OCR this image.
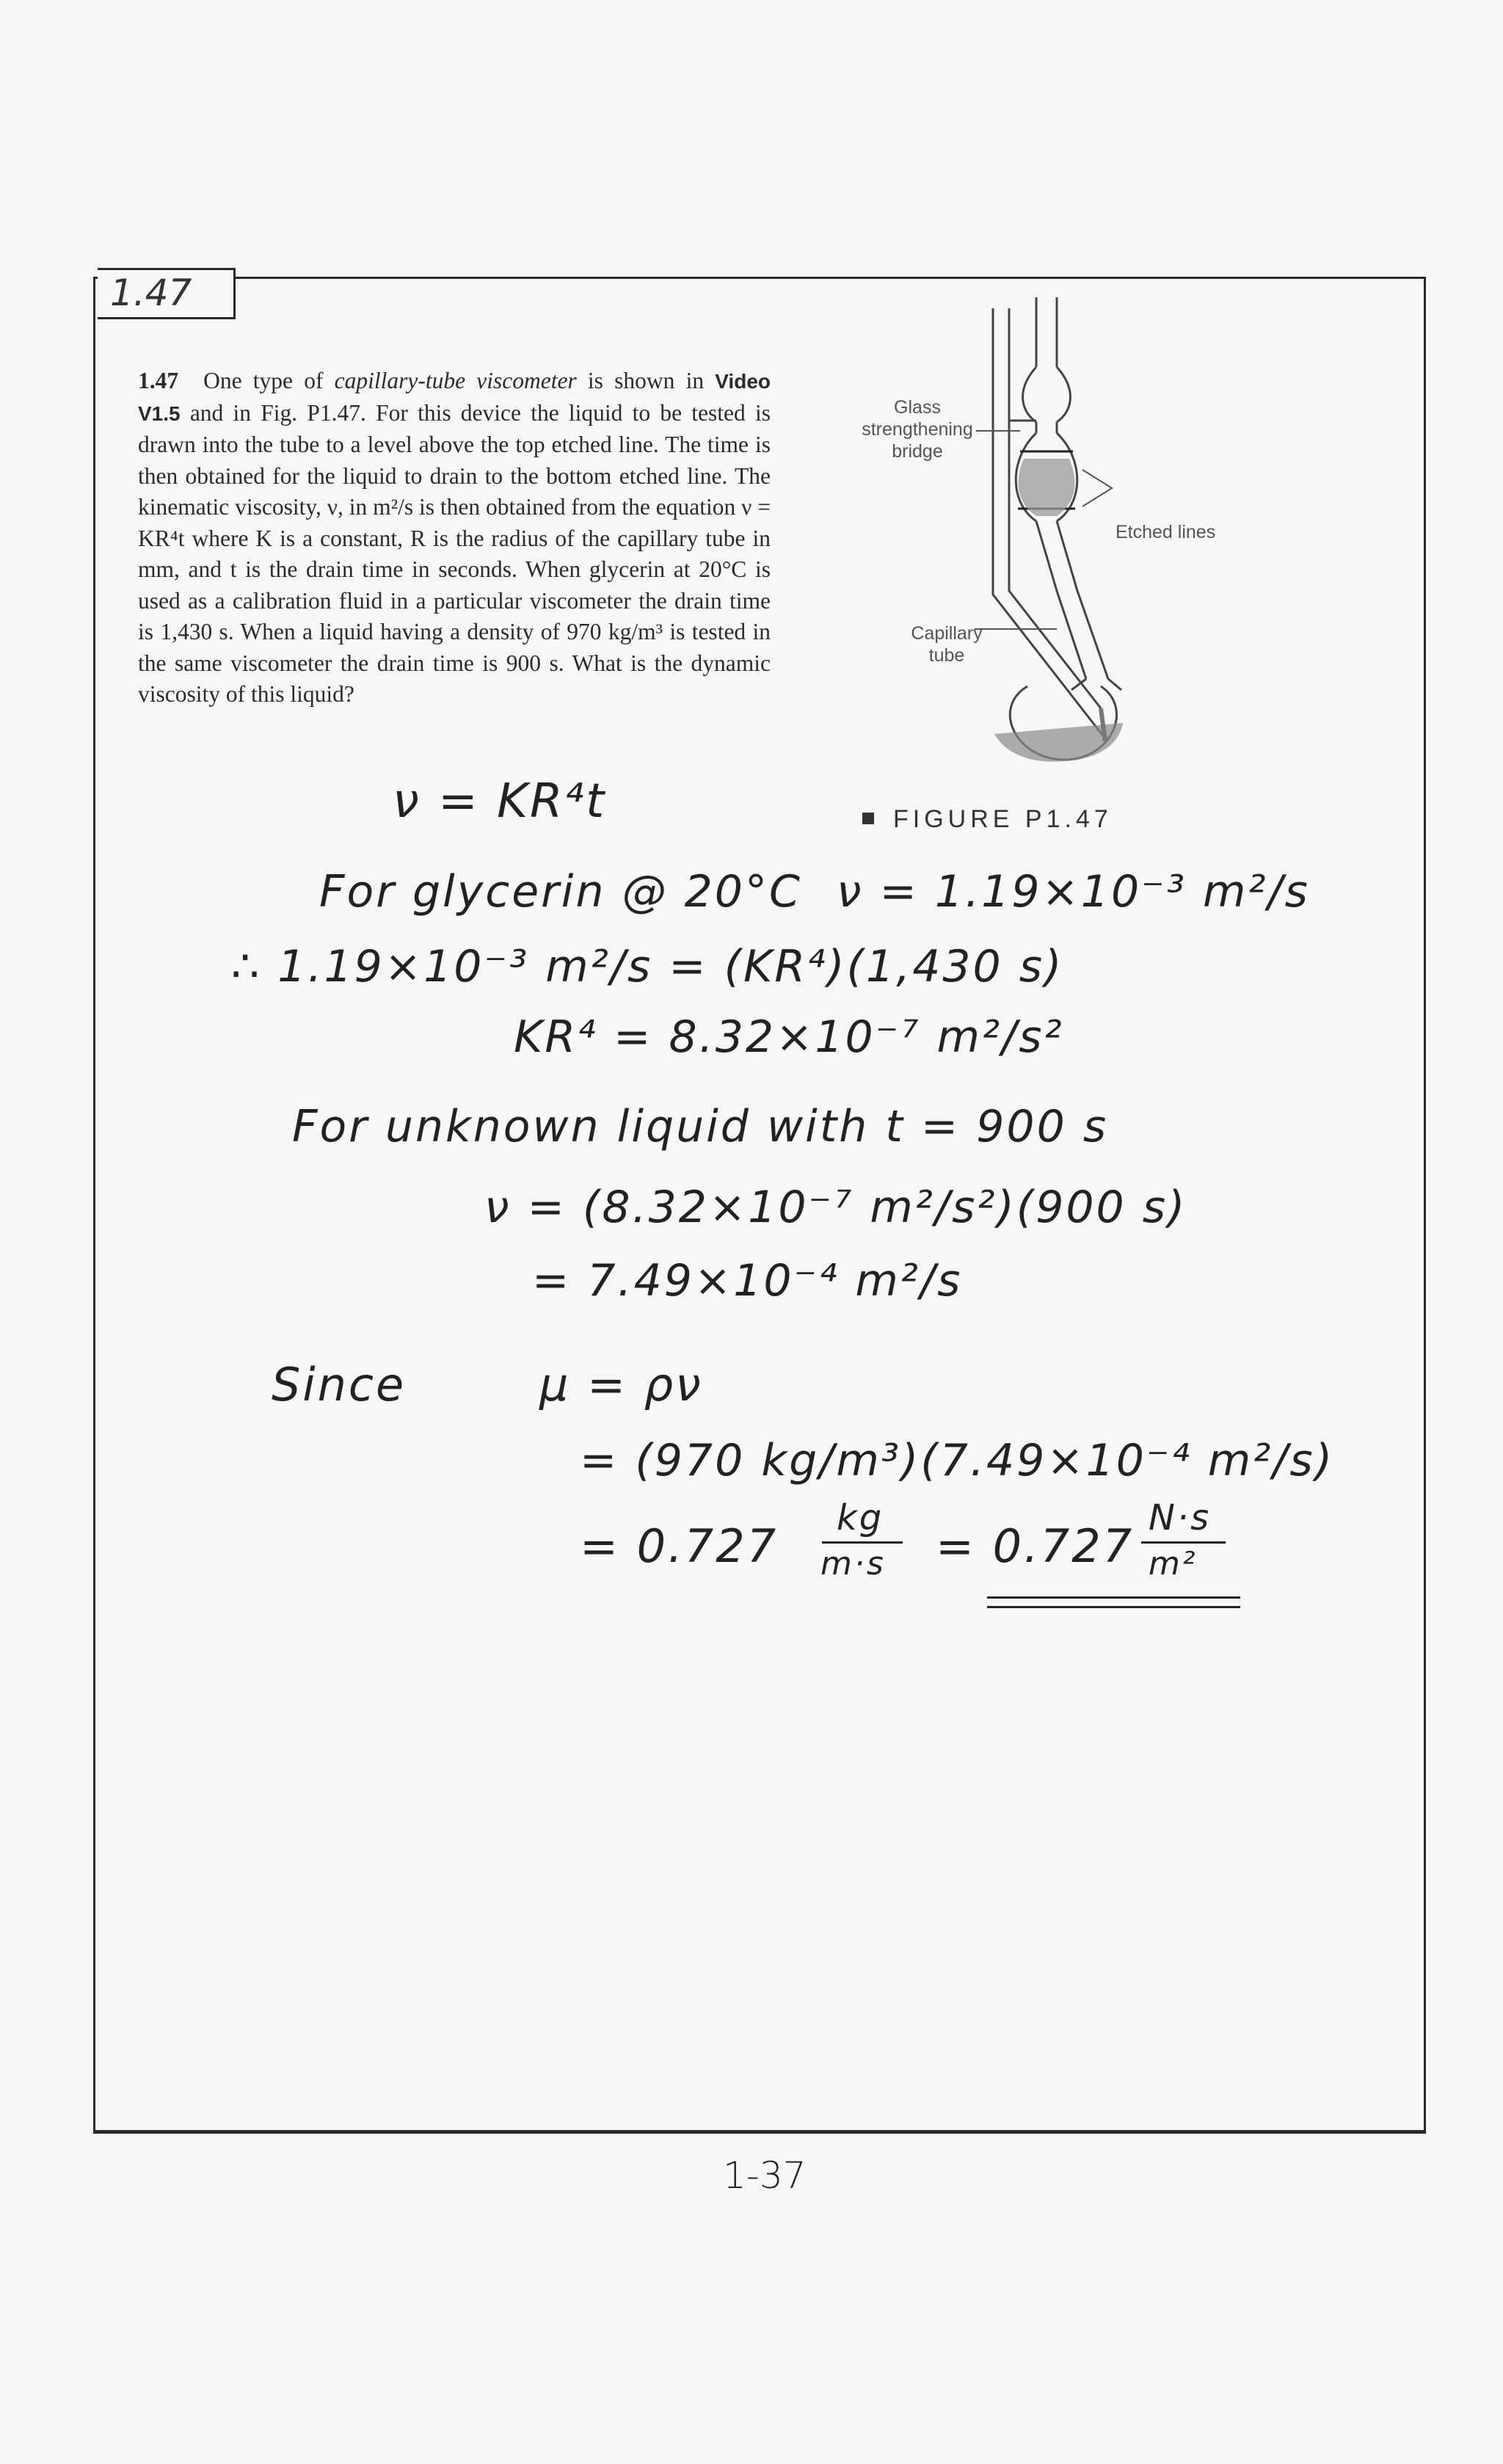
1.47
1.47 One type of capillary-tube viscometer is shown in Video V1.5 and in Fig. P1.47. For this device the liquid to be tested is drawn into the tube to a level above the top etched line. The time is then obtained for the liquid to drain to the bottom etched line. The kinematic viscosity, ν, in m²/s is then obtained from the equation ν = KR⁴t where K is a constant, R is the radius of the capillary tube in mm, and t is the drain time in seconds. When glycerin at 20°C is used as a calibration fluid in a particular viscometer the drain time is 1,430 s. When a liquid having a density of 970 kg/m³ is tested in the same viscometer the drain time is 900 s. What is the dynamic viscosity of this liquid?
Glass strengthening bridge
Etched lines
Capillary tube
FIGURE P1.47
ν = KR⁴t
For glycerin @ 20°C ν = 1.19×10⁻³ m²/s
∴ 1.19×10⁻³ m²/s = (KR⁴)(1,430 s)
KR⁴ = 8.32×10⁻⁷ m²/s²
For unknown liquid with t = 900 s
ν = (8.32×10⁻⁷ m²/s²)(900 s)
= 7.49×10⁻⁴ m²/s
Since	μ = ρν
= (970 kg/m³)(7.49×10⁻⁴ m²/s)
= 0.727
kg
m·s = 0.727
N·s
m²
1-37
